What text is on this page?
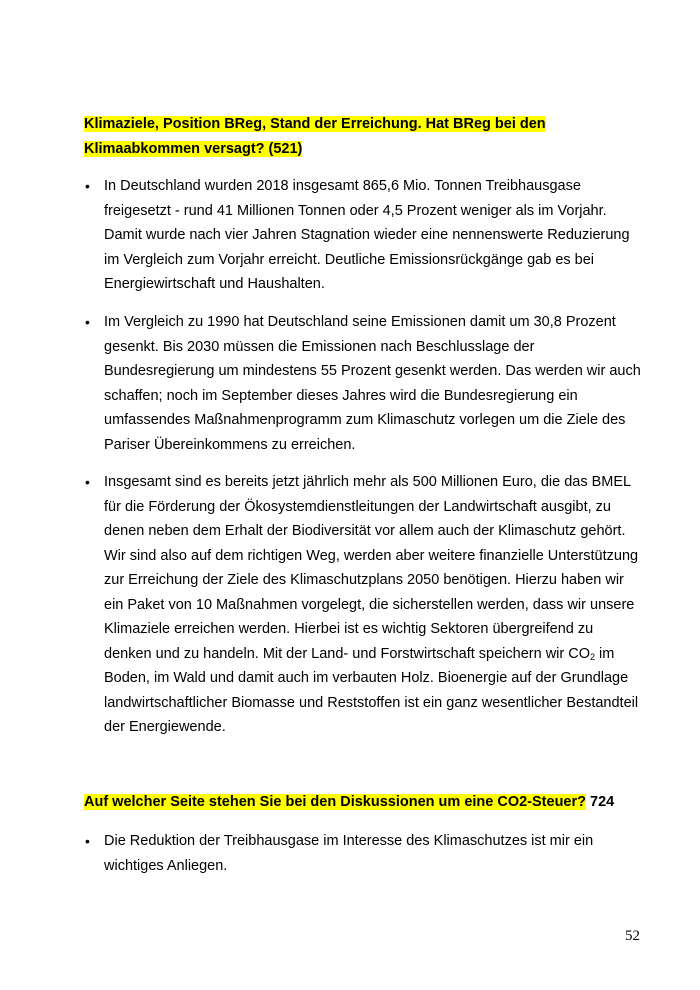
Klimaziele, Position BReg, Stand der Erreichung. Hat BReg bei den Klimaabkommen versagt? (521)

• In Deutschland wurden 2018 insgesamt 865,6 Mio. Tonnen Treibhausgase freigesetzt - rund 41 Millionen Tonnen oder 4,5 Prozent weniger als im Vorjahr. Damit wurde nach vier Jahren Stagnation wieder eine nennenswerte Reduzierung im Vergleich zum Vorjahr erreicht. Deutliche Emissionsrückgänge gab es bei Energiewirtschaft und Haushalten.

• Im Vergleich zu 1990 hat Deutschland seine Emissionen damit um 30,8 Prozent gesenkt. Bis 2030 müssen die Emissionen nach Beschlusslage der Bundesregierung um mindestens 55 Prozent gesenkt werden. Das werden wir auch schaffen; noch im September dieses Jahres wird die Bundesregierung ein umfassendes Maßnahmenprogramm zum Klimaschutz vorlegen um die Ziele des Pariser Übereinkommens zu erreichen.

• Insgesamt sind es bereits jetzt jährlich mehr als 500 Millionen Euro, die das BMEL für die Förderung der Ökosystemdienstleitungen der Landwirtschaft ausgibt, zu denen neben dem Erhalt der Biodiversität vor allem auch der Klimaschutz gehört. Wir sind also auf dem richtigen Weg, werden aber weitere finanzielle Unterstützung zur Erreichung der Ziele des Klimaschutzplans 2050 benötigen. Hierzu haben wir ein Paket von 10 Maßnahmen vorgelegt, die sicherstellen werden, dass wir unsere Klimaziele erreichen werden. Hierbei ist es wichtig Sektoren übergreifend zu denken und zu handeln. Mit der Land- und Forstwirtschaft speichern wir $CO_2$ im Boden, im Wald und damit auch im verbauten Holz. Bioenergie auf der Grundlage landwirtschaftlicher Biomasse und Reststoffen ist ein ganz wesentlicher Bestandteil der Energiewende.

Auf welcher Seite stehen Sie bei den Diskussionen um eine CO2-Steuer? 724

• Die Reduktion der Treibhausgase im Interesse des Klimaschutzes ist mir ein wichtiges Anliegen.

52
